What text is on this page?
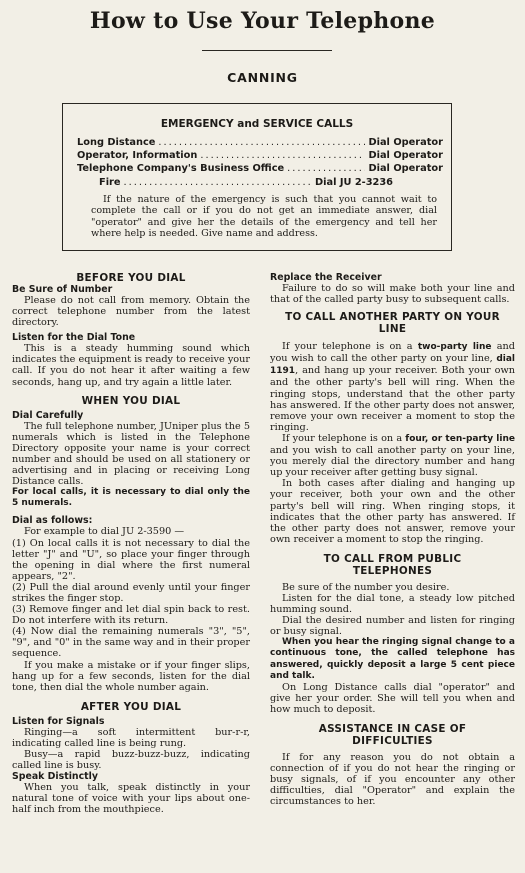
How to Use Your Telephone
CANNING
EMERGENCY and SERVICE CALLS
Long Distance .....	Dial Operator
Operator, Information .....	Dial Operator
Telephone Company's Business Office .....	Dial Operator
Fire .....	Dial JU 2-3236

If the nature of the emergency is such that you cannot wait to complete the call or if you do not get an immediate answer, dial "operator" and give her the details of the emergency and tell her where help is needed. Give name and address.

BEFORE YOU DIAL
Be Sure of Number

Please do not call from memory. Obtain the correct telephone number from the latest directory.

Listen for the Dial Tone

This is a steady humming sound which indicates the equipment is ready to receive your call. If you do not hear it after waiting a few seconds, hang up, and try again a little later.

WHEN YOU DIAL
Dial Carefully

The full telephone number, JUniper plus the 5 numerals which is listed in the Telephone Directory opposite your name is your correct number and should be used on all stationery or advertising and in placing or receiving Long Distance calls.

For local calls, it is necessary to dial only the 5 numerals.

Dial as follows:

For example to dial JU 2-3590 —

(1) On local calls it is not necessary to dial the letter "J" and "U", so place your finger through the opening in dial where the first numeral appears, "2".

(2) Pull the dial around evenly until your finger strikes the finger stop.

(3) Remove finger and let dial spin back to rest. Do not interfere with its return.

(4) Now dial the remaining numerals "3", "5", "9", and "0" in the same way and in their proper sequence.

If you make a mistake or if your finger slips, hang up for a few seconds, listen for the dial tone, then dial the whole number again.

AFTER YOU DIAL
Listen for Signals

Ringing—a soft intermittent bur-r-r, indicating called line is being rung.

Busy—a rapid buzz-buzz-buzz, indicating called line is busy.

Speak Distinctly

When you talk, speak distinctly in your natural tone of voice with your lips about one-half inch from the mouthpiece.

Replace the Receiver

Failure to do so will make both your line and that of the called party busy to subsequent calls.

TO CALL ANOTHER PARTY ON YOUR LINE

If your telephone is on a two-party line and you wish to call the other party on your line, dial 1191, and hang up your receiver. Both your own and the other party's bell will ring. When the ringing stops, understand that the other party has answered. If the other party does not answer, remove your own receiver a moment to stop the ringing.

If your telephone is on a four, or ten-party line and you wish to call another party on your line, you merely dial the directory number and hang up your receiver after getting busy signal.

In both cases after dialing and hanging up your receiver, both your own and the other party's bell will ring. When ringing stops, it indicates that the other party has answered. If the other party does not answer, remove your own receiver a moment to stop the ringing.

TO CALL FROM PUBLIC TELEPHONES

Be sure of the number you desire.

Listen for the dial tone, a steady low pitched humming sound.

Dial the desired number and listen for ringing or busy signal.

When you hear the ringing signal change to a continuous tone, the called telephone has answered, quickly deposit a large 5 cent piece and talk.

On Long Distance calls dial "operator" and give her your order. She will tell you when and how much to deposit.

ASSISTANCE IN CASE OF DIFFICULTIES

If for any reason you do not obtain a connection of if you do not hear the ringing or busy signals, of if you encounter any other difficulties, dial "Operator" and explain the circumstances to her.
